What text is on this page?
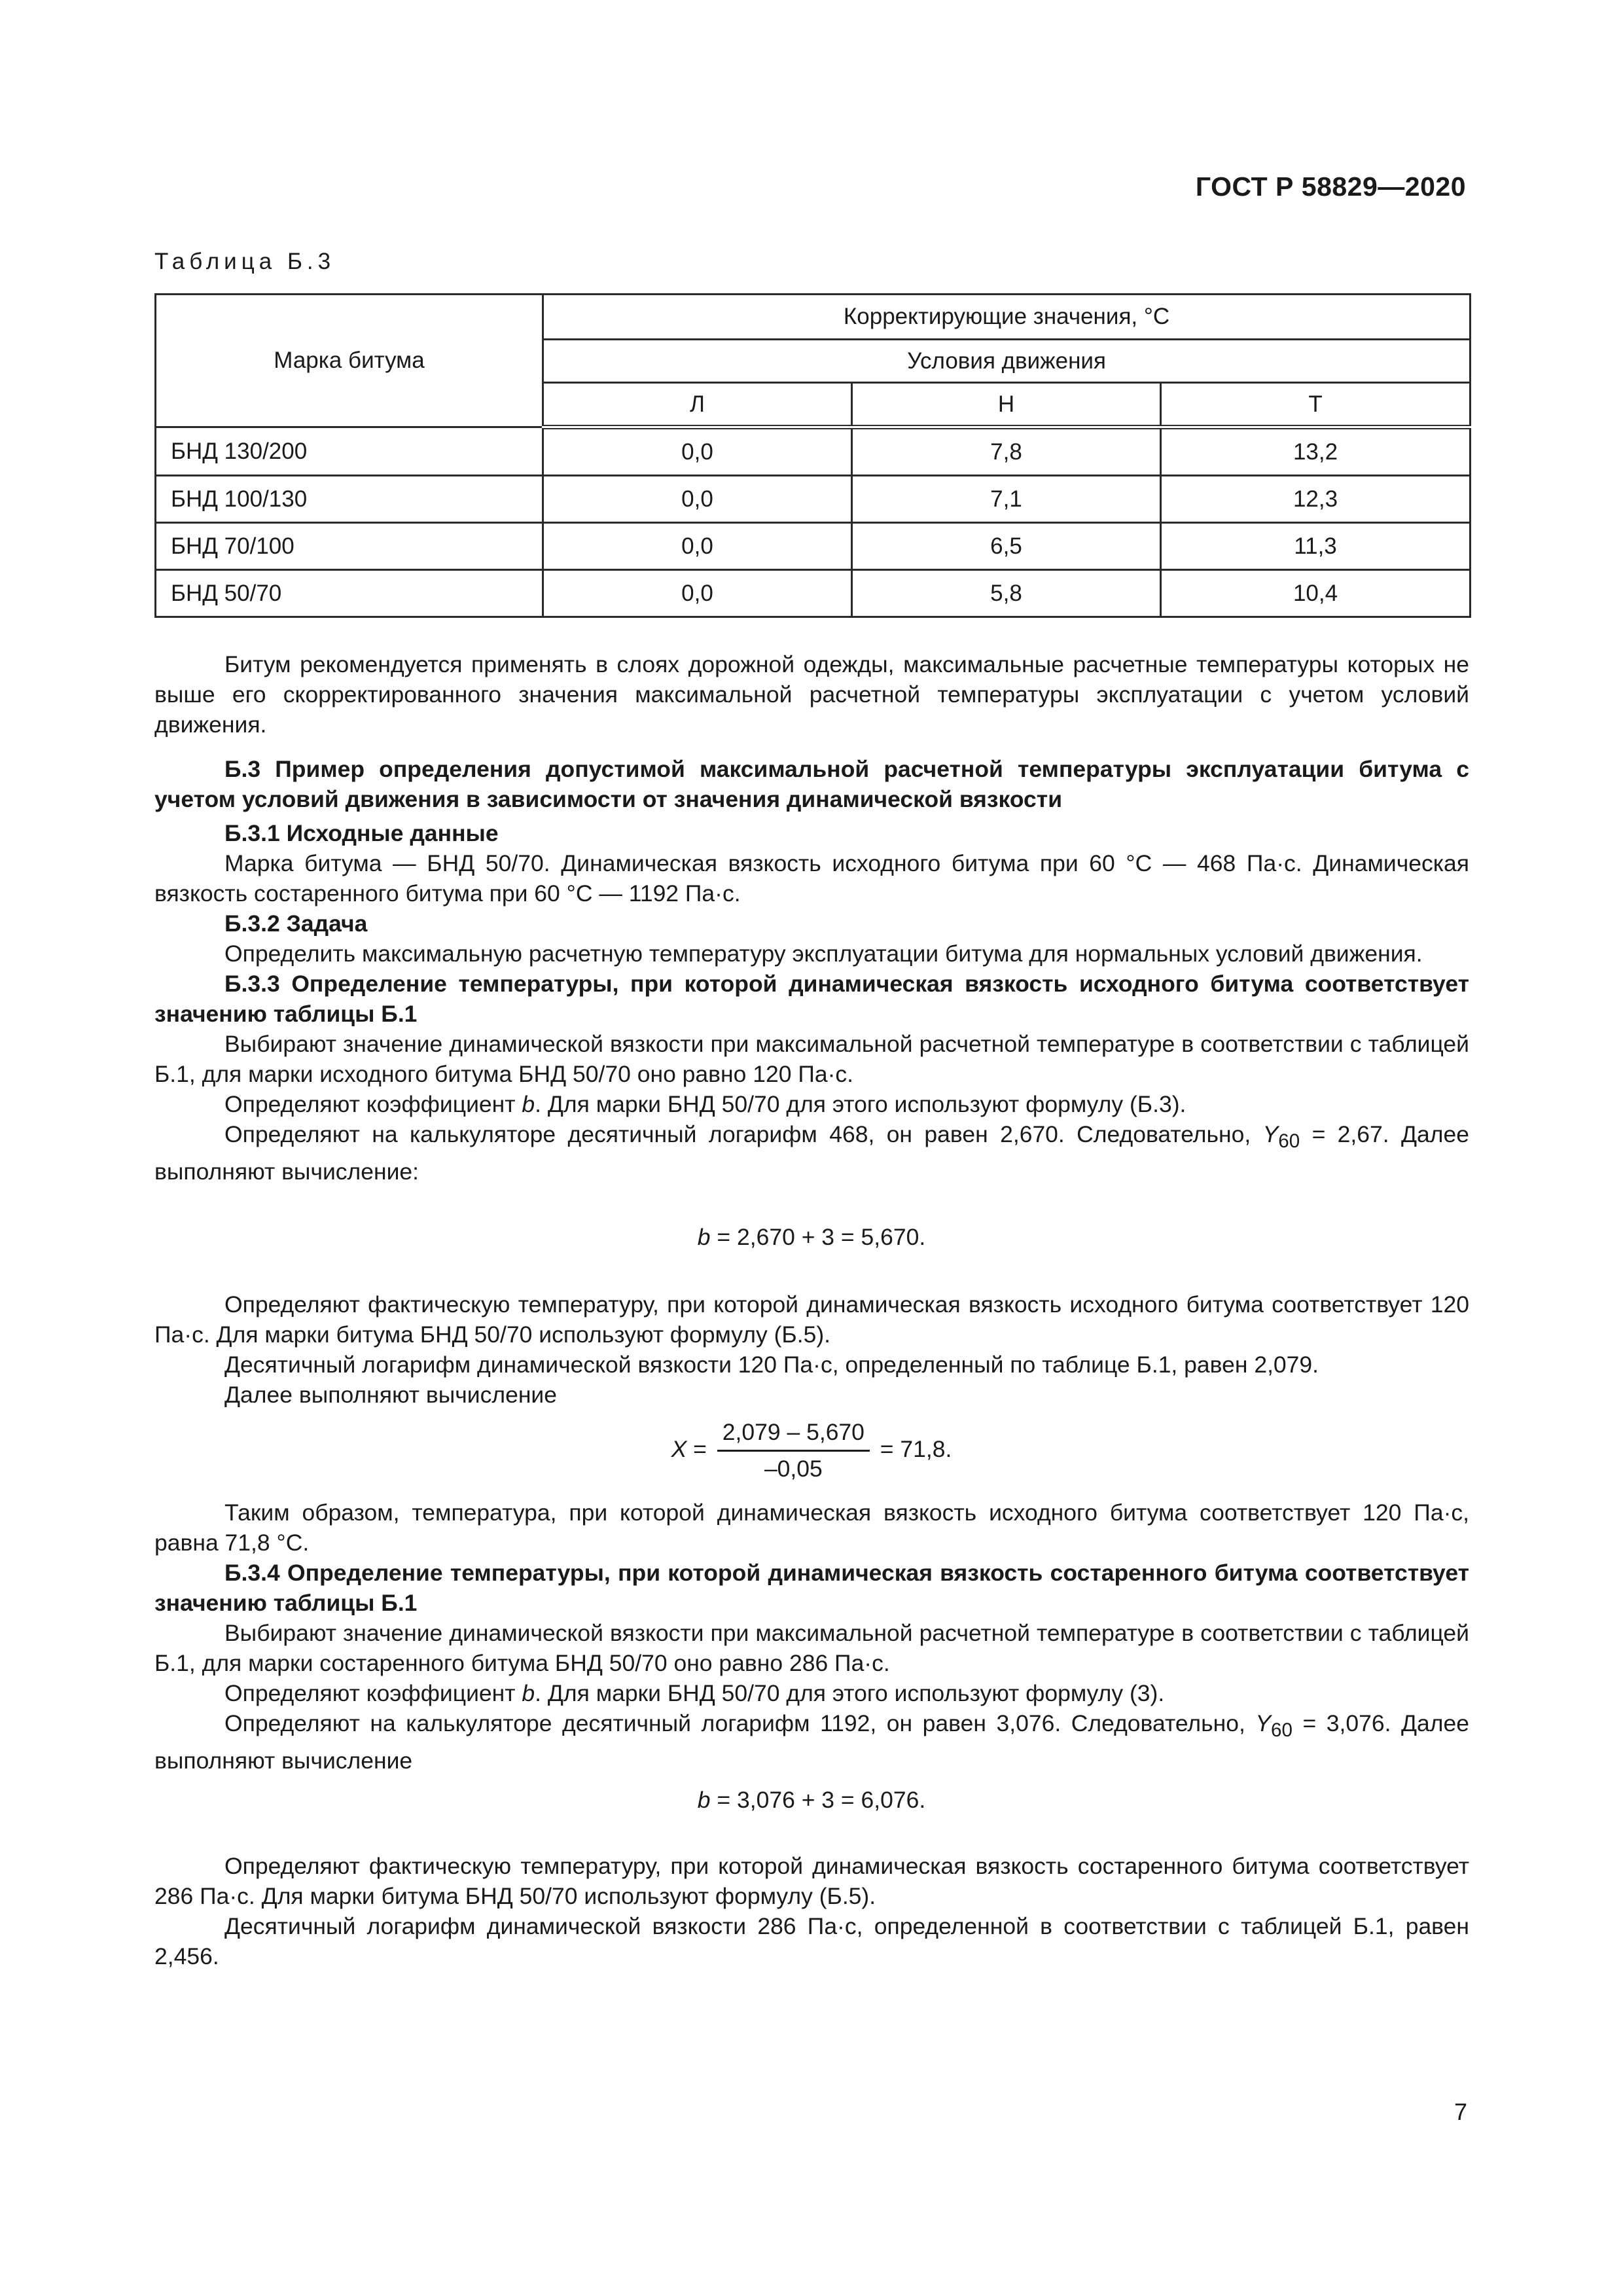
ГОСТ Р 58829—2020
Таблица Б.3
Марка битума	Корректирующие значения, °С		
	Условия движения		
	Л	Н	Т
БНД 130/200	0,0	7,8	13,2
БНД 100/130	0,0	7,1	12,3
БНД 70/100	0,0	6,5	11,3
БНД 50/70	0,0	5,8	10,4

Битум рекомендуется применять в слоях дорожной одежды, максимальные расчетные температуры которых не выше его скорректированного значения максимальной расчетной температуры эксплуатации с учетом условий движения.

Б.3 Пример определения допустимой максимальной расчетной температуры эксплуатации битума с учетом условий движения в зависимости от значения динамической вязкости

Б.3.1 Исходные данные

Марка битума — БНД 50/70. Динамическая вязкость исходного битума при 60 °С — 468 Па·с. Динамическая вязкость состаренного битума при 60 °С — 1192 Па·с.

Б.3.2 Задача

Определить максимальную расчетную температуру эксплуатации битума для нормальных условий движения.

Б.3.3 Определение температуры, при которой динамическая вязкость исходного битума соответствует значению таблицы Б.1

Выбирают значение динамической вязкости при максимальной расчетной температуре в соответствии с таблицей Б.1, для марки исходного битума БНД 50/70 оно равно 120 Па·с.

Определяют коэффициент b. Для марки БНД 50/70 для этого используют формулу (Б.3).

Определяют на калькуляторе десятичный логарифм 468, он равен 2,670. Следовательно, $Y_{60} = 2,67$. Далее выполняют вычисление:

b = 2,670 + 3 = 5,670.

Определяют фактическую температуру, при которой динамическая вязкость исходного битума соответствует 120 Па·с. Для марки битума БНД 50/70 используют формулу (Б.5).

Десятичный логарифм динамической вязкости 120 Па·с, определенный по таблице Б.1, равен 2,079.

Далее выполняют вычисление

$X = \frac{2,079 - 5,670}{-0,05} = 71,8$.

Таким образом, температура, при которой динамическая вязкость исходного битума соответствует 120 Па·с, равна 71,8 °С.

Б.3.4 Определение температуры, при которой динамическая вязкость состаренного битума соответствует значению таблицы Б.1

Выбирают значение динамической вязкости при максимальной расчетной температуре в соответствии с таблицей Б.1, для марки состаренного битума БНД 50/70 оно равно 286 Па·с.

Определяют коэффициент b. Для марки БНД 50/70 для этого используют формулу (3).

Определяют на калькуляторе десятичный логарифм 1192, он равен 3,076. Следовательно, $Y_{60} = 3,076$. Далее выполняют вычисление

b = 3,076 + 3 = 6,076.

Определяют фактическую температуру, при которой динамическая вязкость состаренного битума соответствует 286 Па·с. Для марки битума БНД 50/70 используют формулу (Б.5).

Десятичный логарифм динамической вязкости 286 Па·с, определенной в соответствии с таблицей Б.1, равен 2,456.

7
